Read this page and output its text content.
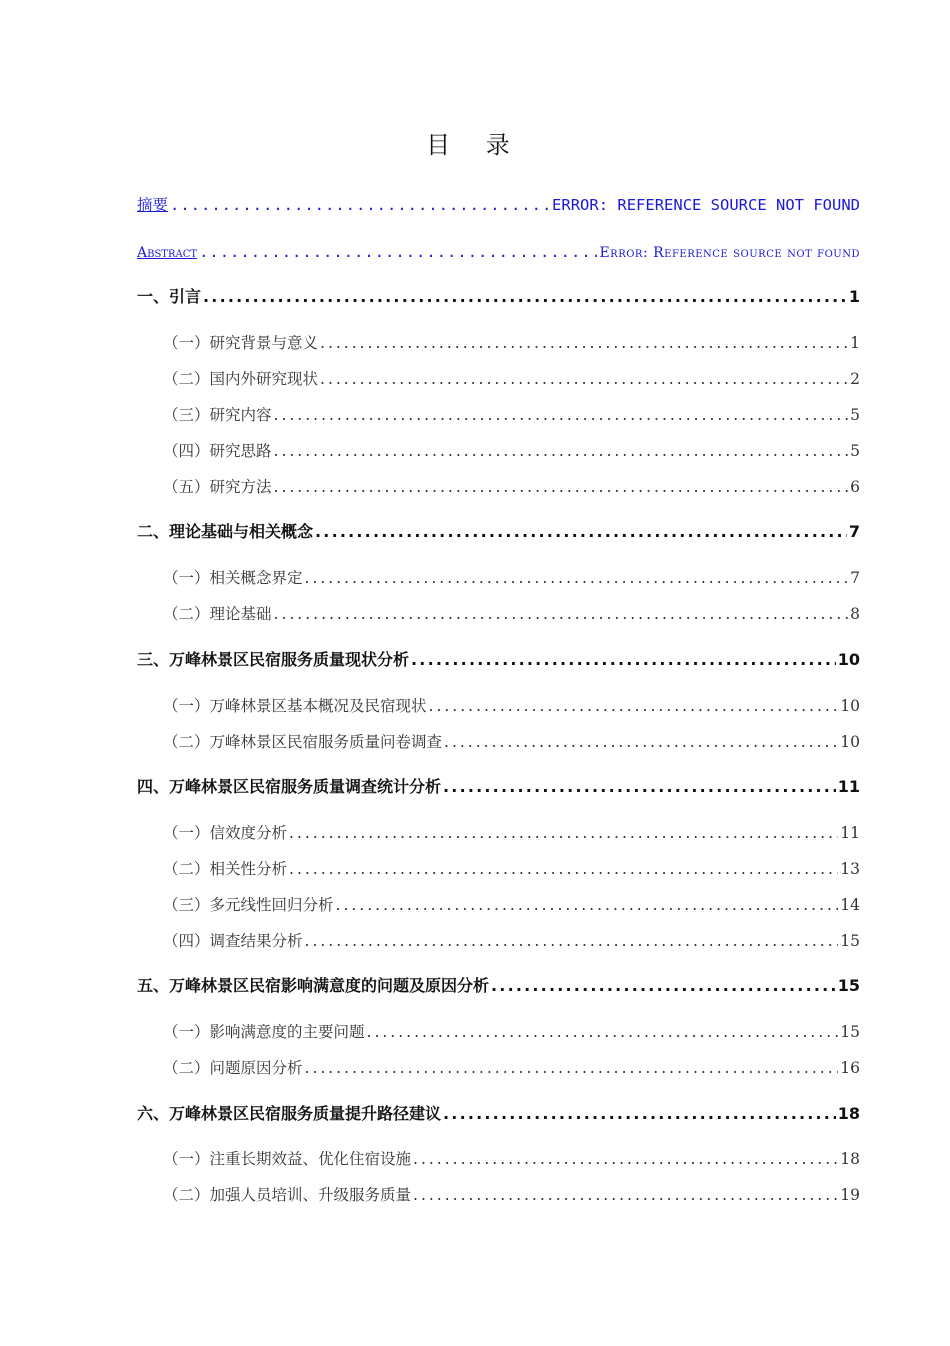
目 录
摘要 .....	ERROR: REFERENCE SOURCE NOT FOUND
Abstract .....	Error: Reference source not found
一、引言 .....	1
（一）研究背景与意义 .....	1
（二）国内外研究现状 .....	2
（三）研究内容 .....	5
（四）研究思路 .....	5
（五）研究方法 .....	6
二、理论基础与相关概念 .....	7
（一）相关概念界定 .....	7
（二）理论基础 .....	8
三、万峰林景区民宿服务质量现状分析 .....	10
（一）万峰林景区基本概况及民宿现状 .....	10
（二）万峰林景区民宿服务质量问卷调查 .....	10
四、万峰林景区民宿服务质量调查统计分析 .....	11
（一）信效度分析 .....	11
（二）相关性分析 .....	13
（三）多元线性回归分析 .....	14
（四）调查结果分析 .....	15
五、万峰林景区民宿影响满意度的问题及原因分析 .....	15
（一）影响满意度的主要问题 .....	15
（二）问题原因分析 .....	16
六、万峰林景区民宿服务质量提升路径建议 .....	18
（一）注重长期效益、优化住宿设施 .....	18
（二）加强人员培训、升级服务质量 .....	19
